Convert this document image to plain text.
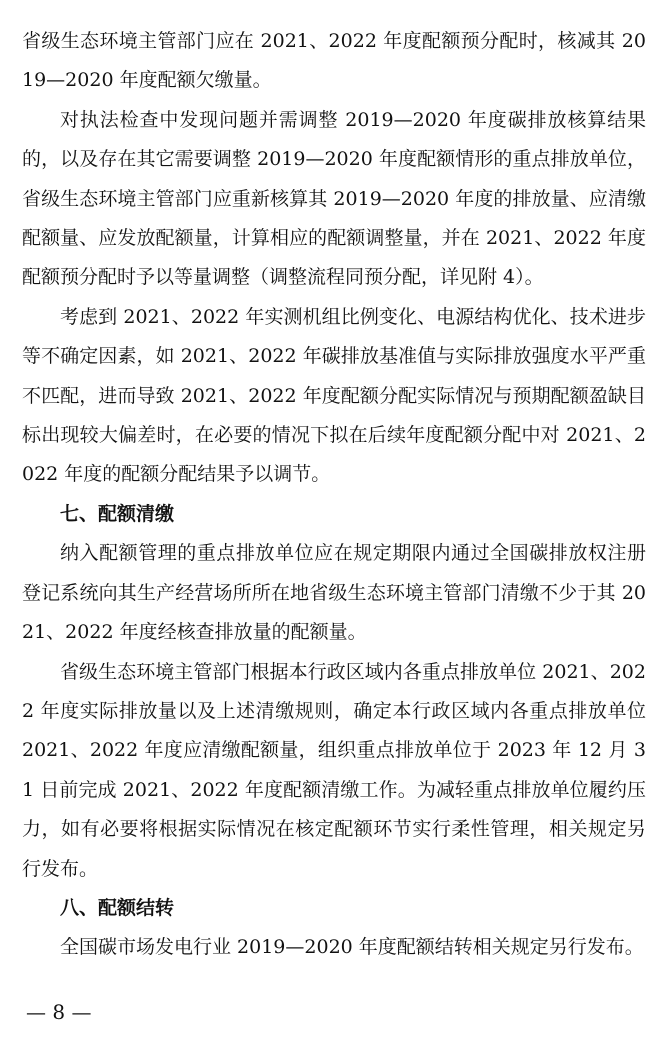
省级生态环境主管部门应在 2021、2022 年度配额预分配时，核减其 2019—2020 年度配额欠缴量。

对执法检查中发现问题并需调整 2019—2020 年度碳排放核算结果的，以及存在其它需要调整 2019—2020 年度配额情形的重点排放单位，省级生态环境主管部门应重新核算其 2019—2020 年度的排放量、应清缴配额量、应发放配额量，计算相应的配额调整量，并在 2021、2022 年度配额预分配时予以等量调整（调整流程同预分配，详见附 4）。

考虑到 2021、2022 年实测机组比例变化、电源结构优化、技术进步等不确定因素，如 2021、2022 年碳排放基准值与实际排放强度水平严重不匹配，进而导致 2021、2022 年度配额分配实际情况与预期配额盈缺目标出现较大偏差时，在必要的情况下拟在后续年度配额分配中对 2021、2022 年度的配额分配结果予以调节。

七、配额清缴

纳入配额管理的重点排放单位应在规定期限内通过全国碳排放权注册登记系统向其生产经营场所所在地省级生态环境主管部门清缴不少于其 2021、2022 年度经核查排放量的配额量。

省级生态环境主管部门根据本行政区域内各重点排放单位 2021、2022 年度实际排放量以及上述清缴规则，确定本行政区域内各重点排放单位 2021、2022 年度应清缴配额量，组织重点排放单位于 2023 年 12 月 31 日前完成 2021、2022 年度配额清缴工作。为减轻重点排放单位履约压力，如有必要将根据实际情况在核定配额环节实行柔性管理，相关规定另行发布。

八、配额结转

全国碳市场发电行业 2019—2020 年度配额结转相关规定另行发布。

— 8 —
